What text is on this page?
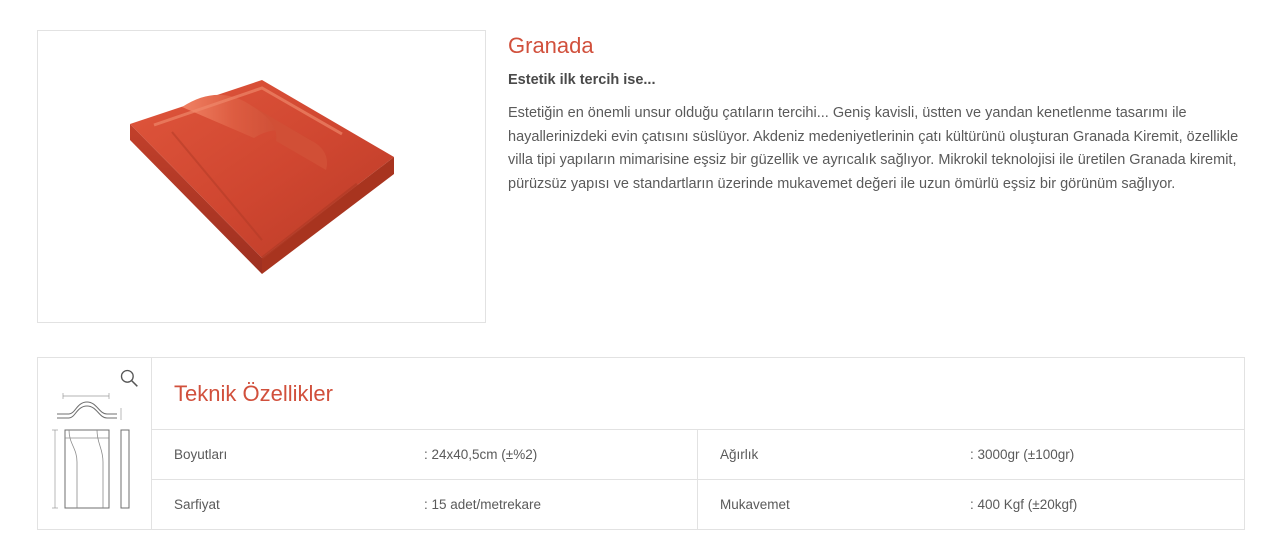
Granada

Estetik ilk tercih ise...

Estetiğin en önemli unsur olduğu çatıların tercihi... Geniş kavisli, üstten ve yandan kenetlenme tasarımı ile hayallerinizdeki evin çatısını süslüyor. Akdeniz medeniyetlerinin çatı kültürünü oluşturan Granada Kiremit, özellikle villa tipi yapıların mimarisine eşsiz bir güzellik ve ayrıcalık sağlıyor. Mikrokil teknolojisi ile üretilen Granada kiremit, pürüzsüz yapısı ve standartların üzerinde mukavemet değeri ile uzun ömürlü eşsiz bir görünüm sağlıyor.

Teknik Özellikler
Boyutları	: 24x40,5cm (±%2)	Ağırlık	: 3000gr (±100gr)
Sarfiyat	: 15 adet/metrekare	Mukavemet	: 400 Kgf (±20kgf)
